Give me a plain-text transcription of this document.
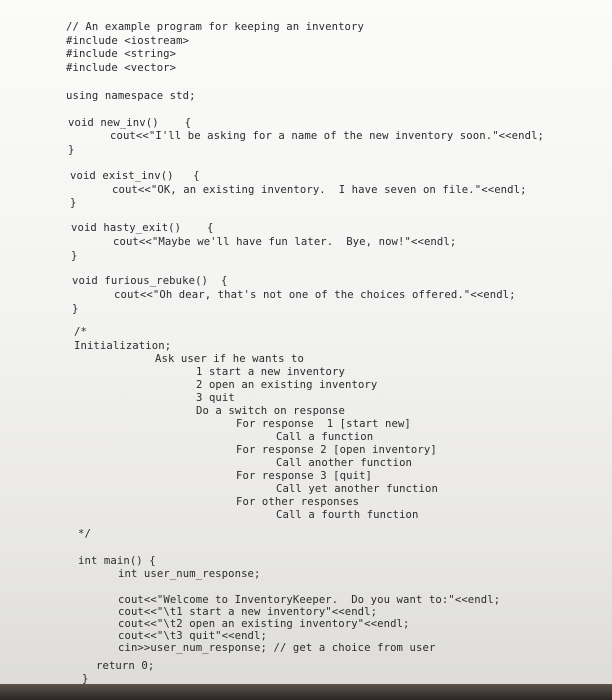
// An example program for keeping an inventory
#include <iostream>
#include <string>
#include <vector>
using namespace std;
void new_inv()    {
cout<<"I'll be asking for a name of the new inventory soon."<<endl;
}
void exist_inv()   {
cout<<"OK, an existing inventory.  I have seven on file."<<endl;
}
void hasty_exit()    {
cout<<"Maybe we'll have fun later.  Bye, now!"<<endl;
}
void furious_rebuke()  {
cout<<"Oh dear, that's not one of the choices offered."<<endl;
}
/*
Initialization;
Ask user if he wants to
1 start a new inventory
2 open an existing inventory
3 quit
Do a switch on response
For response  1 [start new]
Call a function
For response 2 [open inventory]
Call another function
For response 3 [quit]
Call yet another function
For other responses
Call a fourth function
*/
int main() {
int user_num_response;
cout<<"Welcome to InventoryKeeper.  Do you want to:"<<endl;
cout<<"\t1 start a new inventory"<<endl;
cout<<"\t2 open an existing inventory"<<endl;
cout<<"\t3 quit"<<endl;
cin>>user_num_response; // get a choice from user
return 0;
}
